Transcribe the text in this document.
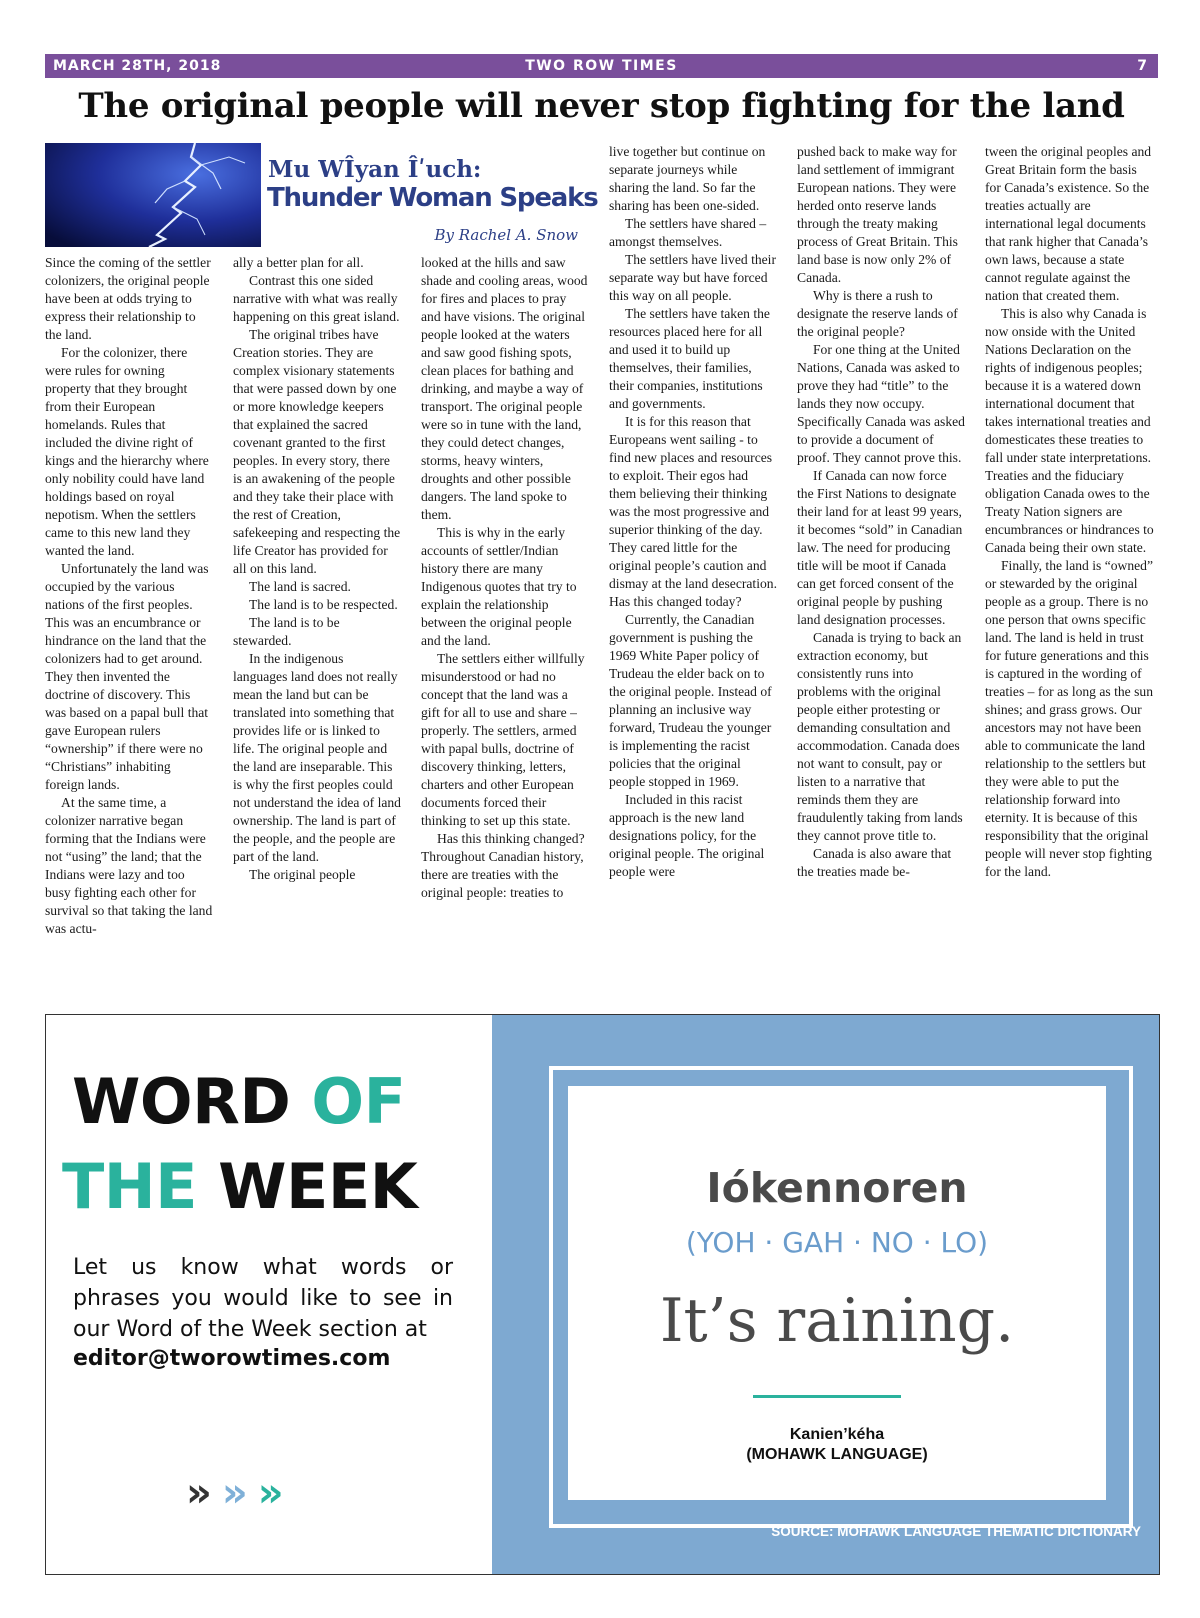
MARCH 28TH, 2018	TWO ROW TIMES	7
The original people will never stop fighting for the land
Mu WÎyan Îʹuch:
Thunder Woman Speaks
By Rachel A. Snow

Since the coming of the settler colonizers, the original people have been at odds trying to express their relationship to the land.

For the colonizer, there were rules for owning property that they brought from their European homelands. Rules that included the divine right of kings and the hierarchy where only nobility could have land holdings based on royal nepotism. When the settlers came to this new land they wanted the land.

Unfortunately the land was occupied by the various nations of the first peoples. This was an encumbrance or hindrance on the land that the colonizers had to get around. They then invented the doctrine of discovery. This was based on a papal bull that gave European rulers “ownership” if there were no “Christians” inhabiting foreign lands.

At the same time, a colonizer narrative began forming that the Indians were not “using” the land; that the Indians were lazy and too busy fighting each other for survival so that taking the land was actu-

ally a better plan for all.

Contrast this one sided narrative with what was really happening on this great island.

The original tribes have Creation stories. They are complex visionary statements that were passed down by one or more knowledge keepers that explained the sacred covenant granted to the first peoples. In every story, there is an awakening of the people and they take their place with the rest of Creation, safekeeping and respecting the life Creator has provided for all on this land.

The land is sacred.

The land is to be respected.

The land is to be stewarded.

In the indigenous languages land does not really mean the land but can be translated into something that provides life or is linked to life. The original people and the land are inseparable. This is why the first peoples could not understand the idea of land ownership. The land is part of the people, and the people are part of the land.

The original people

looked at the hills and saw shade and cooling areas, wood for fires and places to pray and have visions. The original people looked at the waters and saw good fishing spots, clean places for bathing and drinking, and maybe a way of transport. The original people were so in tune with the land, they could detect changes, storms, heavy winters, droughts and other possible dangers. The land spoke to them.

This is why in the early accounts of settler/Indian history there are many Indigenous quotes that try to explain the relationship between the original people and the land.

The settlers either willfully misunderstood or had no concept that the land was a gift for all to use and share – properly. The settlers, armed with papal bulls, doctrine of discovery thinking, letters, charters and other European documents forced their thinking to set up this state.

Has this thinking changed? Throughout Canadian history, there are treaties with the original people: treaties to

live together but continue on separate journeys while sharing the land. So far the sharing has been one-sided.

The settlers have shared – amongst themselves.

The settlers have lived their separate way but have forced this way on all people.

The settlers have taken the resources placed here for all and used it to build up themselves, their families, their companies, institutions and governments.

It is for this reason that Europeans went sailing - to find new places and resources to exploit. Their egos had them believing their thinking was the most progressive and superior thinking of the day. They cared little for the original people’s caution and dismay at the land desecration. Has this changed today?

Currently, the Canadian government is pushing the 1969 White Paper policy of Trudeau the elder back on to the original people. Instead of planning an inclusive way forward, Trudeau the younger is implementing the racist policies that the original people stopped in 1969.

Included in this racist approach is the new land designations policy, for the original people. The original people were

pushed back to make way for land settlement of immigrant European nations. They were herded onto reserve lands through the treaty making process of Great Britain. This land base is now only 2% of Canada.

Why is there a rush to designate the reserve lands of the original people?

For one thing at the United Nations, Canada was asked to prove they had “title” to the lands they now occupy. Specifically Canada was asked to provide a document of proof. They cannot prove this.

If Canada can now force the First Nations to designate their land for at least 99 years, it becomes “sold” in Canadian law. The need for producing title will be moot if Canada can get forced consent of the original people by pushing land designation processes.

Canada is trying to back an extraction economy, but consistently runs into problems with the original people either protesting or demanding consultation and accommodation. Canada does not want to consult, pay or listen to a narrative that reminds them they are fraudulently taking from lands they cannot prove title to.

Canada is also aware that the treaties made be-

tween the original peoples and Great Britain form the basis for Canada’s existence. So the treaties actually are international legal documents that rank higher that Canada’s own laws, because a state cannot regulate against the nation that created them.

This is also why Canada is now onside with the United Nations Declaration on the rights of indigenous peoples; because it is a watered down international document that takes international treaties and domesticates these treaties to fall under state interpretations. Treaties and the fiduciary obligation Canada owes to the Treaty Nation signers are encumbrances or hindrances to Canada being their own state.

Finally, the land is “owned” or stewarded by the original people as a group. There is no one person that owns specific land. The land is held in trust for future generations and this is captured in the wording of treaties – for as long as the sun shines; and grass grows. Our ancestors may not have been able to communicate the land relationship to the settlers but they were able to put the relationship forward into eternity. It is because of this responsibility that the original people will never stop fighting for the land.

WORD OF
THE WEEK
Let us know what words or phrases you would like to see in our Word of the Week section at
editor@tworowtimes.com
»»»
Iókennoren
(YOH · GAH · NO · LO)
It’s raining.
Kanien’kéha
(MOHAWK LANGUAGE)
SOURCE: MOHAWK LANGUAGE THEMATIC DICTIONARY
